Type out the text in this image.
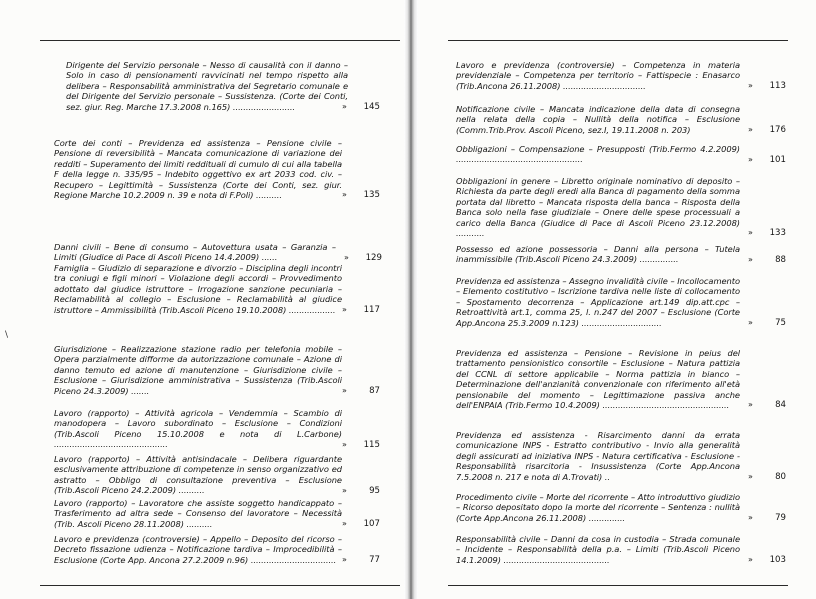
\
Dirigente del Servizio personale – Nesso di causalità con il danno – Solo in caso di pensionamenti ravvicinati nel tempo rispetto alla delibera – Responsabilità amministrativa del Segretario comunale e del Dirigente del Servizio personale – Sussistenza. (Corte dei Conti, sez. giur. Reg. Marche 17.3.2008 n.165) ........................	»	145
Corte dei conti – Previdenza ed assistenza – Pensione civile – Pensione di reversibilità – Mancata comunicazione di variazione dei redditi – Superamento dei limiti reddituali di cumulo di cui alla tabella F della legge n. 335/95 – Indebito oggettivo ex art 2033 cod. civ. – Recupero – Legittimità – Sussistenza (Corte dei Conti, sez. giur. Regione Marche 10.2.2009 n. 39 e nota di F.Poli) ..........	»	135
Danni civili – Bene di consumo – Autovettura usata – Garanzia – Limiti (Giudice di Pace di Ascoli Piceno 14.4.2009) ......	»	129
Famiglia – Giudizio di separazione e divorzio – Disciplina degli incontri tra coniugi e figli minori – Violazione degli accordi – Provvedimento adottato dal giudice istruttore – Irrogazione sanzione pecuniaria – Reclamabilità al collegio – Esclusione – Reclamabilità al giudice istruttore – Ammissibilità (Trib.Ascoli Piceno 19.10.2008) .................. »	117
Giurisdizione – Realizzazione stazione radio per telefonia mobile – Opera parzialmente difforme da autorizzazione comunale – Azione di danno temuto ed azione di manutenzione – Giurisdizione civile – Esclusione – Giurisdizione amministrativa – Sussistenza (Trib.Ascoli Piceno 24.3.2009) .......	»	87
Lavoro (rapporto) – Attività agricola – Vendemmia – Scambio di manodopera – Lavoro subordinato – Esclusione – Condizioni (Trib.Ascoli Piceno 15.10.2008 e nota di L.Carbone) ............................................	»	115
Lavoro (rapporto) – Attività antisindacale – Delibera riguardante esclusivamente attribuzione di competenze in senso organizzativo ed astratto – Obbligo di consultazione preventiva – Esclusione (Trib.Ascoli Piceno 24.2.2009) ..........	»	95
Lavoro (rapporto) – Lavoratore che assiste soggetto handicappato – Trasferimento ad altra sede – Consenso del lavoratore – Necessità (Trib. Ascoli Piceno 28.11.2008) ..........	»	107
Lavoro e previdenza (controversie) – Appello – Deposito del ricorso – Decreto fissazione udienza – Notificazione tardiva – Improcedibilità – Esclusione (Corte App. Ancona 27.2.2009 n.96) ................................. »	77
Lavoro e previdenza (controversie) – Competenza in materia previdenziale – Competenza per territorio – Fattispecie : Enasarco (Trib.Ancona 26.11.2008) ................................	»	113
Notificazione civile – Mancata indicazione della data di consegna nella relata della copia – Nullità della notifica – Esclusione (Comm.Trib.Prov. Ascoli Piceno, sez.I, 19.11.2008 n. 203)	»	176
Obbligazioni – Compensazione – Presupposti (Trib.Fermo 4.2.2009) .................................................	»	101
Obbligazioni in genere – Libretto originale nominativo di deposito – Richiesta da parte degli eredi alla Banca di pagamento della somma portata dal libretto – Mancata risposta della banca – Risposta della Banca solo nella fase giudiziale – Onere delle spese processuali a carico della Banca (Giudice di Pace di Ascoli Piceno 23.12.2008) ...........	»	133
Possesso ed azione possessoria – Danni alla persona – Tutela inammissibile (Trib.Ascoli Piceno 24.3.2009) ...............	»	88
Previdenza ed assistenza – Assegno invalidità civile – Incollocamento – Elemento costitutivo – Iscrizione tardiva nelle liste di collocamento – Spostamento decorrenza – Applicazione art.149 dip.att.cpc – Retroattività art.1, comma 25, l. n.247 del 2007 – Esclusione (Corte App.Ancona 25.3.2009 n.123) ...............................	»	75
Previdenza ed assistenza – Pensione – Revisione in peius del trattamento pensionistico consortile – Esclusione – Natura pattizia del CCNL di settore applicabile – Norma pattizia in bianco – Determinazione dell'anzianità convenzionale con riferimento all'età pensionabile del momento – Legittimazione passiva anche dell'ENPAIA (Trib.Fermo 10.4.2009) .................................................	»	84
Previdenza ed assistenza - Risarcimento danni da errata comunicazione INPS - Estratto contributivo - Invio alla generalità degli assicurati ad iniziativa INPS - Natura certificativa - Esclusione - Responsabilità risarcitoria - Insussistenza (Corte App.Ancona 7.5.2008 n. 217 e nota di A.Trovati) ..	»	80
Procedimento civile – Morte del ricorrente – Atto introduttivo giudizio – Ricorso depositato dopo la morte del ricorrente – Sentenza : nullità (Corte App.Ancona 26.11.2008) ..............	»	79
Responsabilità civile – Danni da cosa in custodia – Strada comunale – Incidente – Responsabilità della p.a. – Limiti (Trib.Ascoli Piceno 14.1.2009) .........................................	»	103
